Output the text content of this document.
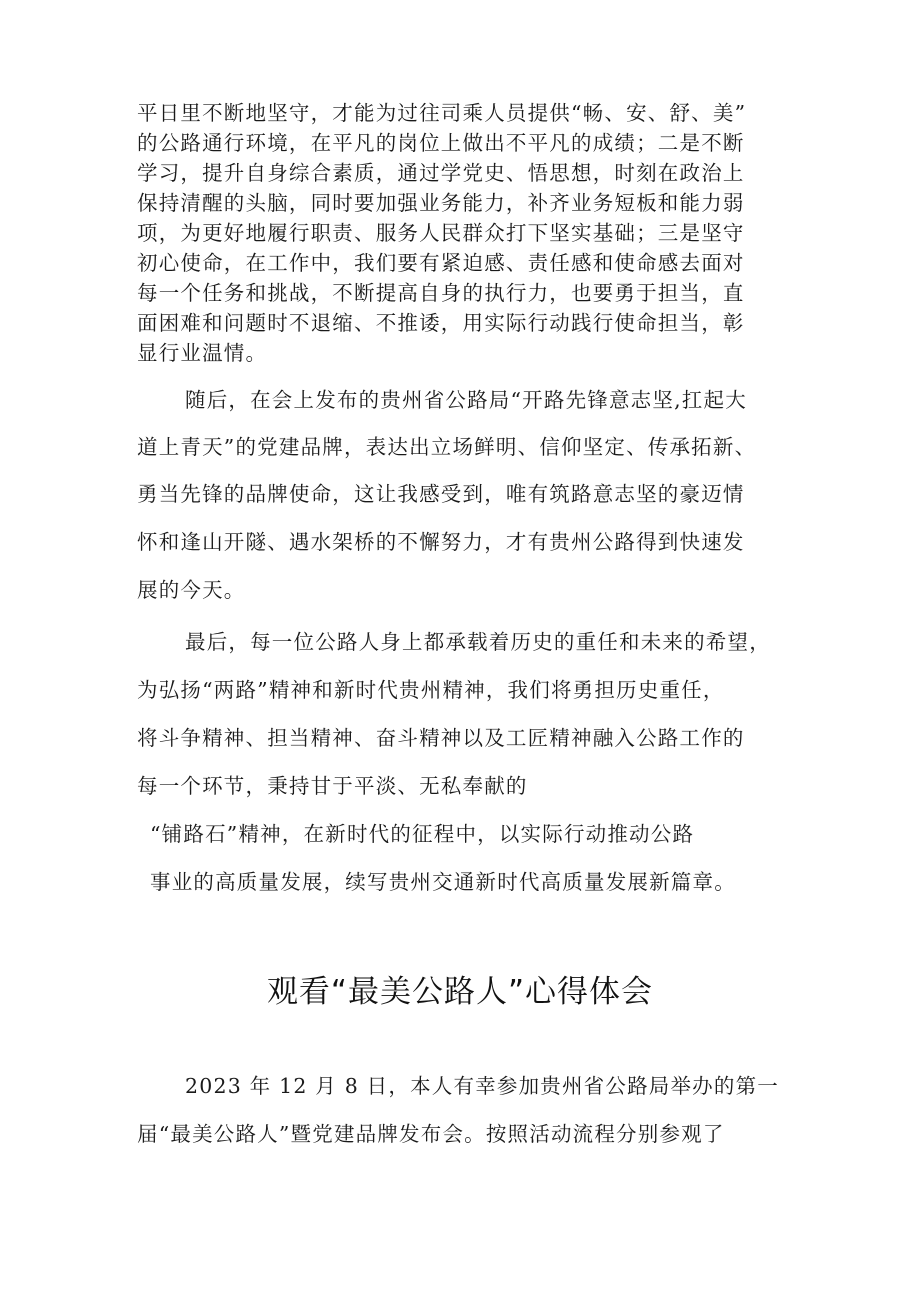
平日里不断地坚守，才能为过往司乘人员提供“畅、安、舒、美”
的公路通行环境，在平凡的岗位上做出不平凡的成绩；二是不断
学习，提升自身综合素质，通过学党史、悟思想，时刻在政治上
保持清醒的头脑，同时要加强业务能力，补齐业务短板和能力弱
项，为更好地履行职责、服务人民群众打下坚实基础；三是坚守
初心使命，在工作中，我们要有紧迫感、责任感和使命感去面对
每一个任务和挑战，不断提高自身的执行力，也要勇于担当，直
面困难和问题时不退缩、不推诿，用实际行动践行使命担当，彰
显行业温情。
随后，在会上发布的贵州省公路局“开路先锋意志坚,扛起大
道上青天”的党建品牌，表达出立场鲜明、信仰坚定、传承拓新、
勇当先锋的品牌使命，这让我感受到，唯有筑路意志坚的豪迈情
怀和逢山开隧、遇水架桥的不懈努力，才有贵州公路得到快速发
展的今天。
最后，每一位公路人身上都承载着历史的重任和未来的希望，
为弘扬“两路”精神和新时代贵州精神，我们将勇担历史重任，
将斗争精神、担当精神、奋斗精神以及工匠精神融入公路工作的
每一个环节，秉持甘于平淡、无私奉献的
“铺路石”精神，在新时代的征程中，以实际行动推动公路
事业的高质量发展，续写贵州交通新时代高质量发展新篇章。
观看“最美公路人”心得体会
2023 年 12 月 8 日，本人有幸参加贵州省公路局举办的第一
届“最美公路人”暨党建品牌发布会。按照活动流程分别参观了
